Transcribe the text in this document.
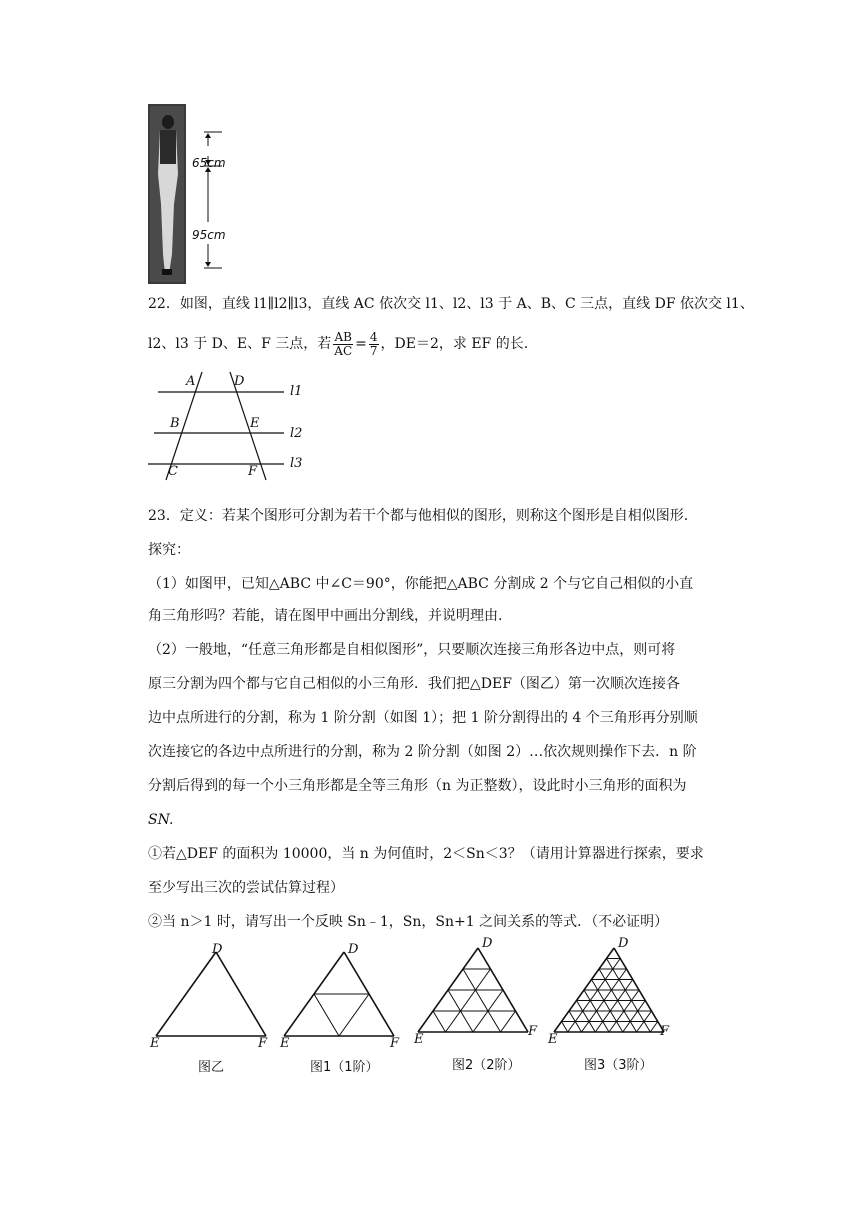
65cm
95cm
22．如图，直线 l1∥l2∥l3，直线 AC 依次交 l1、l2、l3 于 A、B、C 三点，直线 DF 依次交 l1、
l2、l3 于 D、E、F 三点，若 $\frac{AB}{AC} = \frac{4}{7}$ ，DE＝2，求 EF 的长.
A	D
l1
B	E
l2
C	F
l3
23．定义：若某个图形可分割为若干个都与他相似的图形，则称这个图形是自相似图形.
探究：
（1）如图甲，已知△ABC 中∠C＝90°，你能把△ABC 分割成 2 个与它自己相似的小直
角三角形吗？若能，请在图甲中画出分割线，并说明理由.
（2）一般地，“任意三角形都是自相似图形”，只要顺次连接三角形各边中点，则可将
原三分割为四个都与它自己相似的小三角形．我们把△DEF（图乙）第一次顺次连接各
边中点所进行的分割，称为 1 阶分割（如图 1）；把 1 阶分割得出的 4 个三角形再分别顺
次连接它的各边中点所进行的分割，称为 2 阶分割（如图 2）…依次规则操作下去．n 阶
分割后得到的每一个小三角形都是全等三角形（n 为正整数），设此时小三角形的面积为
SN.
①若△DEF 的面积为 10000，当 n 为何值时，2＜Sn＜3？（请用计算器进行探索，要求
至少写出三次的尝试估算过程）
②当 n＞1 时，请写出一个反映 Sn﹣1，Sn，Sn+1 之间关系的等式．（不必证明）
D
E	F
图乙
D
E	F
图1（1阶）
D
E
F
图2（2阶）
D
E
F
图3（3阶）
